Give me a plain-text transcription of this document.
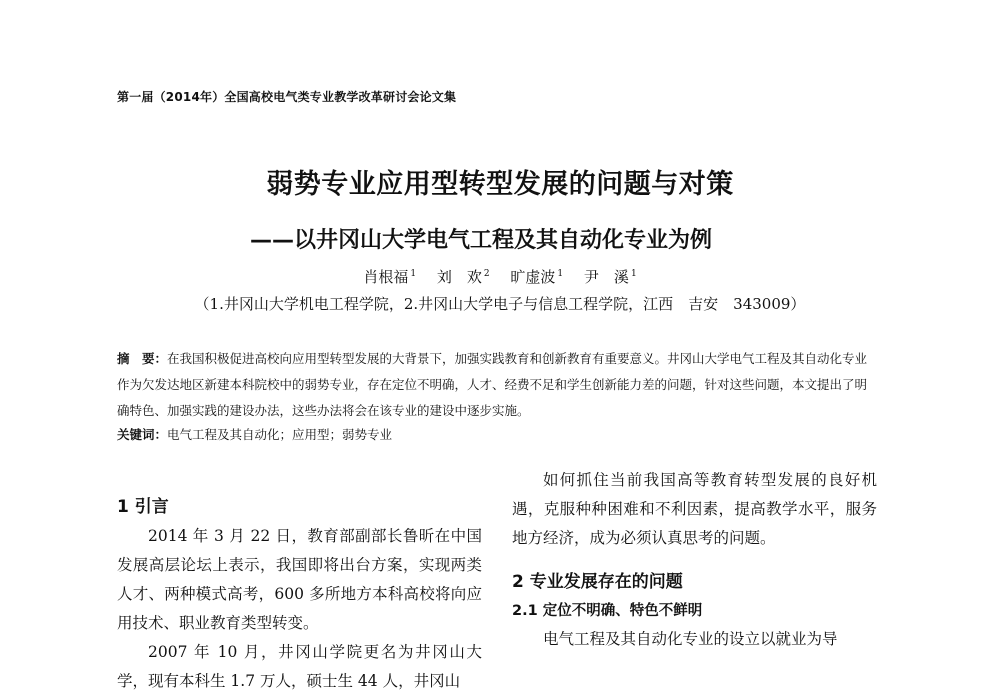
第一届（2014年）全国高校电气类专业教学改革研讨会论文集
弱势专业应用型转型发展的问题与对策
——以井冈山大学电气工程及其自动化专业为例
肖根福 $^1$ 刘　欢 $^2$ 旷虚波 $^1$ 尹　溪 $^1$
（1.井冈山大学机电工程学院，2.井冈山大学电子与信息工程学院，江西　吉安　343009）
摘　要：在我国积极促进高校向应用型转型发展的大背景下，加强实践教育和创新教育有重要意义。井冈山大学电气工程及其自动化专业作为欠发达地区新建本科院校中的弱势专业，存在定位不明确，人才、经费不足和学生创新能力差的问题，针对这些问题，本文提出了明确特色、加强实践的建设办法，这些办法将会在该专业的建设中逐步实施。
关键词：电气工程及其自动化；应用型；弱势专业
1 引言

2014 年 3 月 22 日，教育部副部长鲁昕在中国发展高层论坛上表示，我国即将出台方案，实现两类人才、两种模式高考，600 多所地方本科高校将向应用技术、职业教育类型转变。

2007 年 10 月，井冈山学院更名为井冈山大学，现有本科生 1.7 万人，硕士生 44 人，井冈山

如何抓住当前我国高等教育转型发展的良好机遇，克服种种困难和不利因素，提高教学水平，服务地方经济，成为必须认真思考的问题。

2 专业发展存在的问题
2.1 定位不明确、特色不鲜明

电气工程及其自动化专业的设立以就业为导
